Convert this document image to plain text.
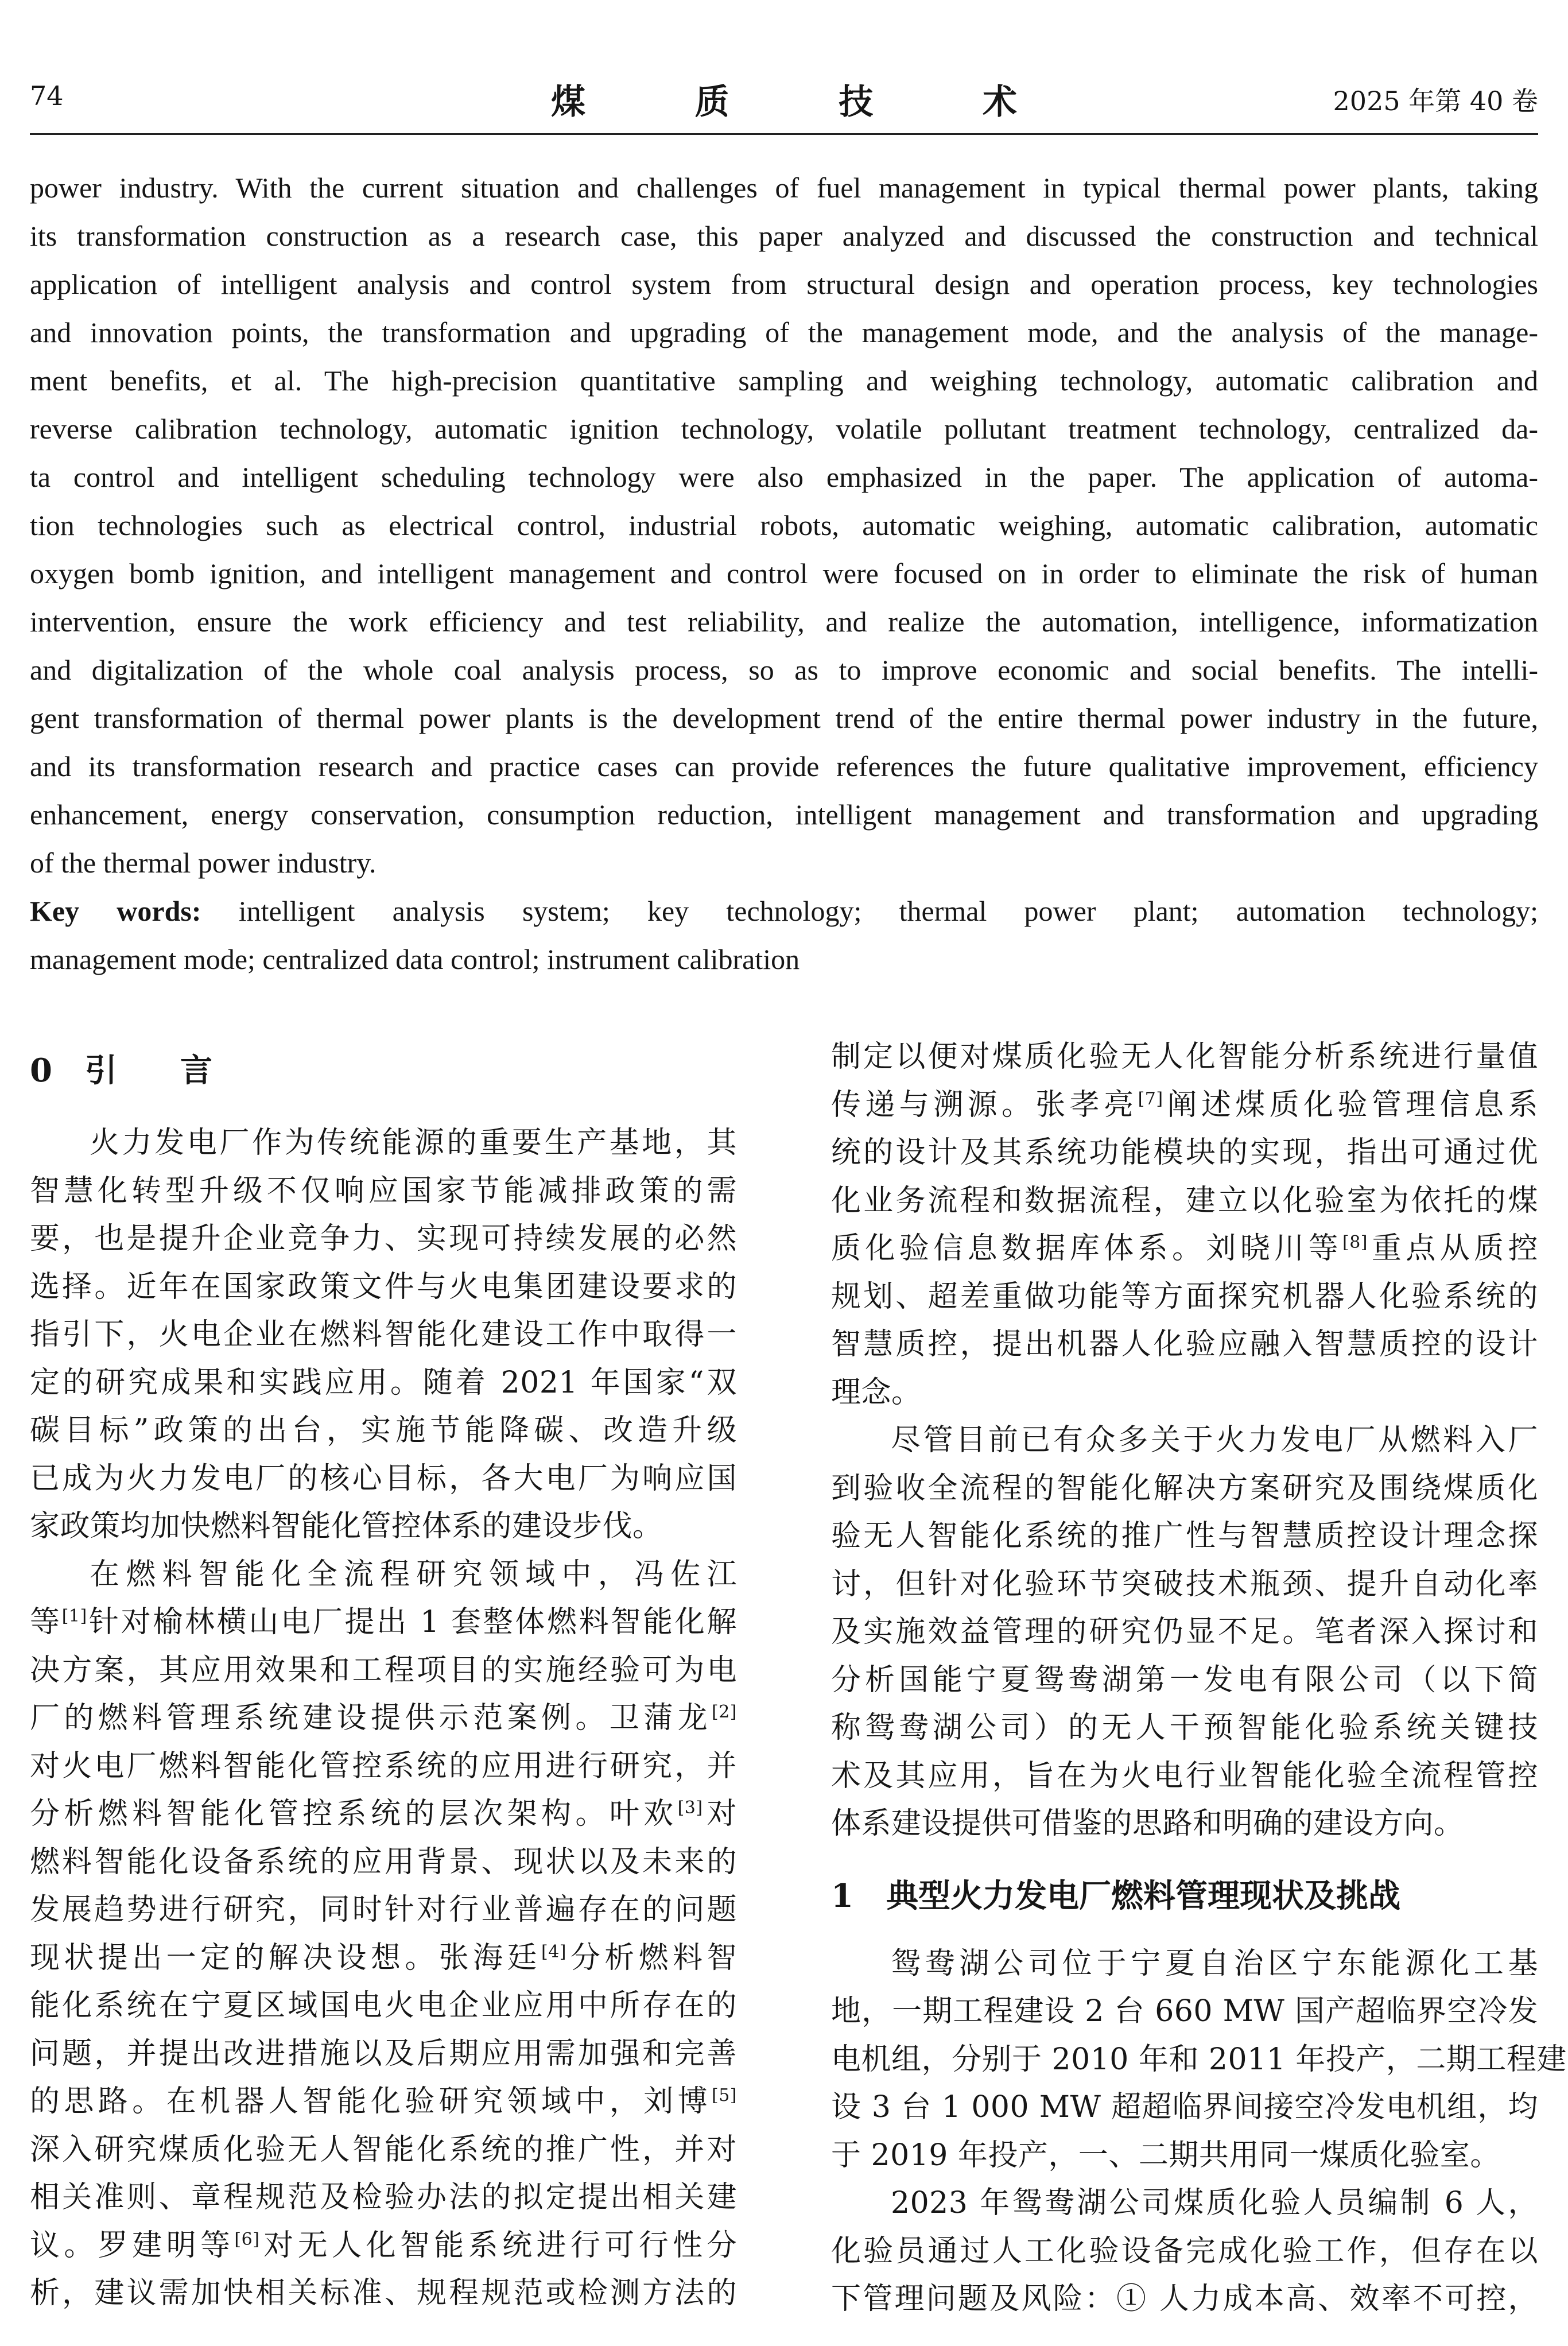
74	煤质技术	2025 年第 40 卷

power industry. With the current situation and challenges of fuel management in typical thermal power plants, taking

its transformation construction as a research case, this paper analyzed and discussed the construction and technical

application of intelligent analysis and control system from structural design and operation process, key technologies

and innovation points, the transformation and upgrading of the management mode, and the analysis of the manage-

ment benefits, et al. The high-precision quantitative sampling and weighing technology, automatic calibration and

reverse calibration technology, automatic ignition technology, volatile pollutant treatment technology, centralized da-

ta control and intelligent scheduling technology were also emphasized in the paper. The application of automa-

tion technologies such as electrical control, industrial robots, automatic weighing, automatic calibration, automatic

oxygen bomb ignition, and intelligent management and control were focused on in order to eliminate the risk of human

intervention, ensure the work efficiency and test reliability, and realize the automation, intelligence, informatization

and digitalization of the whole coal analysis process, so as to improve economic and social benefits. The intelli-

gent transformation of thermal power plants is the development trend of the entire thermal power industry in the future,

and its transformation research and practice cases can provide references the future qualitative improvement, efficiency

enhancement, energy conservation, consumption reduction, intelligent management and transformation and upgrading

of the thermal power industry.

Key words: intelligent analysis system; key technology; thermal power plant; automation technology;

management mode; centralized data control; instrument calibration

0 引 言

火力发电厂作为传统能源的重要生产基地，其

智慧化转型升级不仅响应国家节能减排政策的需

要，也是提升企业竞争力、实现可持续发展的必然

选择。近年在国家政策文件与火电集团建设要求的

指引下，火电企业在燃料智能化建设工作中取得一

定的研究成果和实践应用。随着 2021 年国家“双

碳目标”政策的出台，实施节能降碳、改造升级

已成为火力发电厂的核心目标，各大电厂为响应国

家政策均加快燃料智能化管控体系的建设步伐。

在燃料智能化全流程研究领域中，冯佐江

等[1]针对榆林横山电厂提出 1 套整体燃料智能化解

决方案，其应用效果和工程项目的实施经验可为电

厂的燃料管理系统建设提供示范案例。卫蒲龙[2]

对火电厂燃料智能化管控系统的应用进行研究，并

分析燃料智能化管控系统的层次架构。叶欢[3]对

燃料智能化设备系统的应用背景、现状以及未来的

发展趋势进行研究，同时针对行业普遍存在的问题

现状提出一定的解决设想。张海廷[4]分析燃料智

能化系统在宁夏区域国电火电企业应用中所存在的

问题，并提出改进措施以及后期应用需加强和完善

的思路。在机器人智能化验研究领域中，刘博[5]

深入研究煤质化验无人智能化系统的推广性，并对

相关准则、章程规范及检验办法的拟定提出相关建

议。罗建明等[6]对无人化智能系统进行可行性分

析，建议需加快相关标准、规程规范或检测方法的

制定以便对煤质化验无人化智能分析系统进行量值

传递与溯源。张孝亮[7]阐述煤质化验管理信息系

统的设计及其系统功能模块的实现，指出可通过优

化业务流程和数据流程，建立以化验室为依托的煤

质化验信息数据库体系。刘晓川等[8]重点从质控

规划、超差重做功能等方面探究机器人化验系统的

智慧质控，提出机器人化验应融入智慧质控的设计

理念。

尽管目前已有众多关于火力发电厂从燃料入厂

到验收全流程的智能化解决方案研究及围绕煤质化

验无人智能化系统的推广性与智慧质控设计理念探

讨，但针对化验环节突破技术瓶颈、提升自动化率

及实施效益管理的研究仍显不足。笔者深入探讨和

分析国能宁夏鸳鸯湖第一发电有限公司（以下简

称鸳鸯湖公司）的无人干预智能化验系统关键技

术及其应用，旨在为火电行业智能化验全流程管控

体系建设提供可借鉴的思路和明确的建设方向。

1 典型火力发电厂燃料管理现状及挑战

鸳鸯湖公司位于宁夏自治区宁东能源化工基

地，一期工程建设 2 台 660 MW 国产超临界空冷发

电机组，分别于 2010 年和 2011 年投产，二期工程建

设 3 台 1 000 MW 超超临界间接空冷发电机组，均

于 2019 年投产，一、二期共用同一煤质化验室。

2023 年鸳鸯湖公司煤质化验人员编制 6 人，

化验员通过人工化验设备完成化验工作，但存在以

下管理问题及风险：① 人力成本高、效率不可控，
